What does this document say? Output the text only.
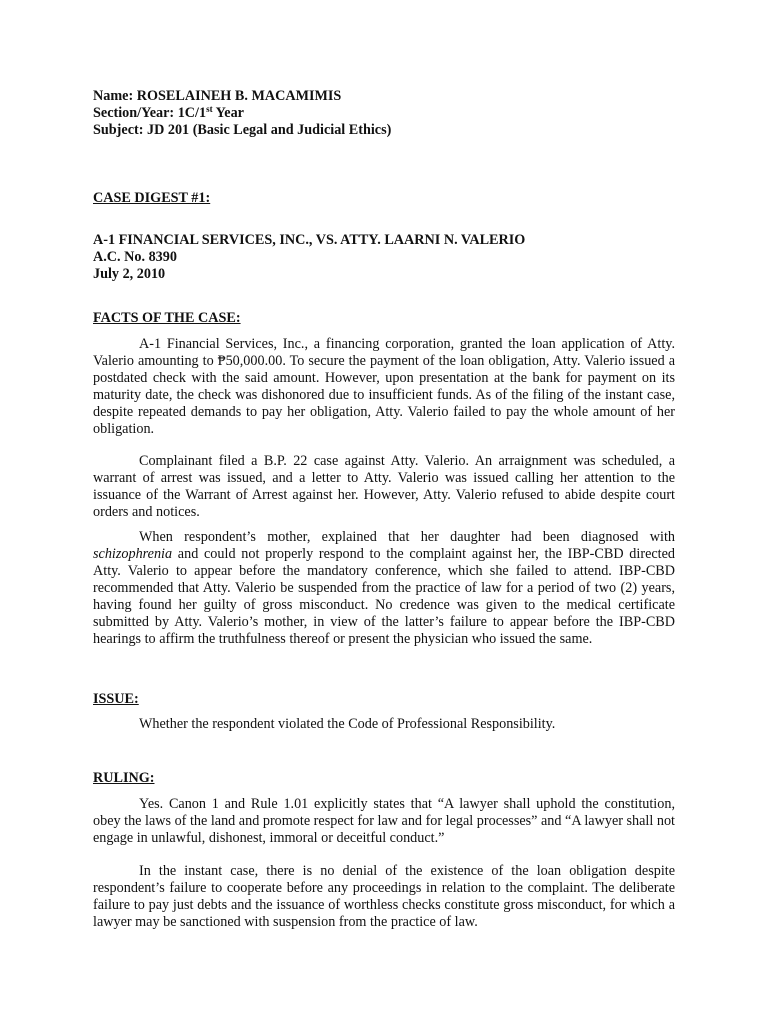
Name: ROSELAINEH B. MACAMIMIS
Section/Year: 1C/1st Year
Subject: JD 201 (Basic Legal and Judicial Ethics)
CASE DIGEST #1:
A-1 FINANCIAL SERVICES, INC., VS. ATTY. LAARNI N. VALERIO
A.C. No. 8390
July 2, 2010
FACTS OF THE CASE:
A-1 Financial Services, Inc., a financing corporation, granted the loan application of Atty. Valerio amounting to ₱50,000.00. To secure the payment of the loan obligation, Atty. Valerio issued a postdated check with the said amount. However, upon presentation at the bank for payment on its maturity date, the check was dishonored due to insufficient funds. As of the filing of the instant case, despite repeated demands to pay her obligation, Atty. Valerio failed to pay the whole amount of her obligation.
Complainant filed a B.P. 22 case against Atty. Valerio. An arraignment was scheduled, a warrant of arrest was issued, and a letter to Atty. Valerio was issued calling her attention to the issuance of the Warrant of Arrest against her. However, Atty. Valerio refused to abide despite court orders and notices.
When respondent’s mother, explained that her daughter had been diagnosed with schizophrenia and could not properly respond to the complaint against her, the IBP-CBD directed Atty. Valerio to appear before the mandatory conference, which she failed to attend. IBP-CBD recommended that Atty. Valerio be suspended from the practice of law for a period of two (2) years, having found her guilty of gross misconduct. No credence was given to the medical certificate submitted by Atty. Valerio’s mother, in view of the latter’s failure to appear before the IBP-CBD hearings to affirm the truthfulness thereof or present the physician who issued the same.
ISSUE:
Whether the respondent violated the Code of Professional Responsibility.
RULING:
Yes. Canon 1 and Rule 1.01 explicitly states that “A lawyer shall uphold the constitution, obey the laws of the land and promote respect for law and for legal processes” and “A lawyer shall not engage in unlawful, dishonest, immoral or deceitful conduct.”
In the instant case, there is no denial of the existence of the loan obligation despite respondent’s failure to cooperate before any proceedings in relation to the complaint. The deliberate failure to pay just debts and the issuance of worthless checks constitute gross misconduct, for which a lawyer may be sanctioned with suspension from the practice of law.
